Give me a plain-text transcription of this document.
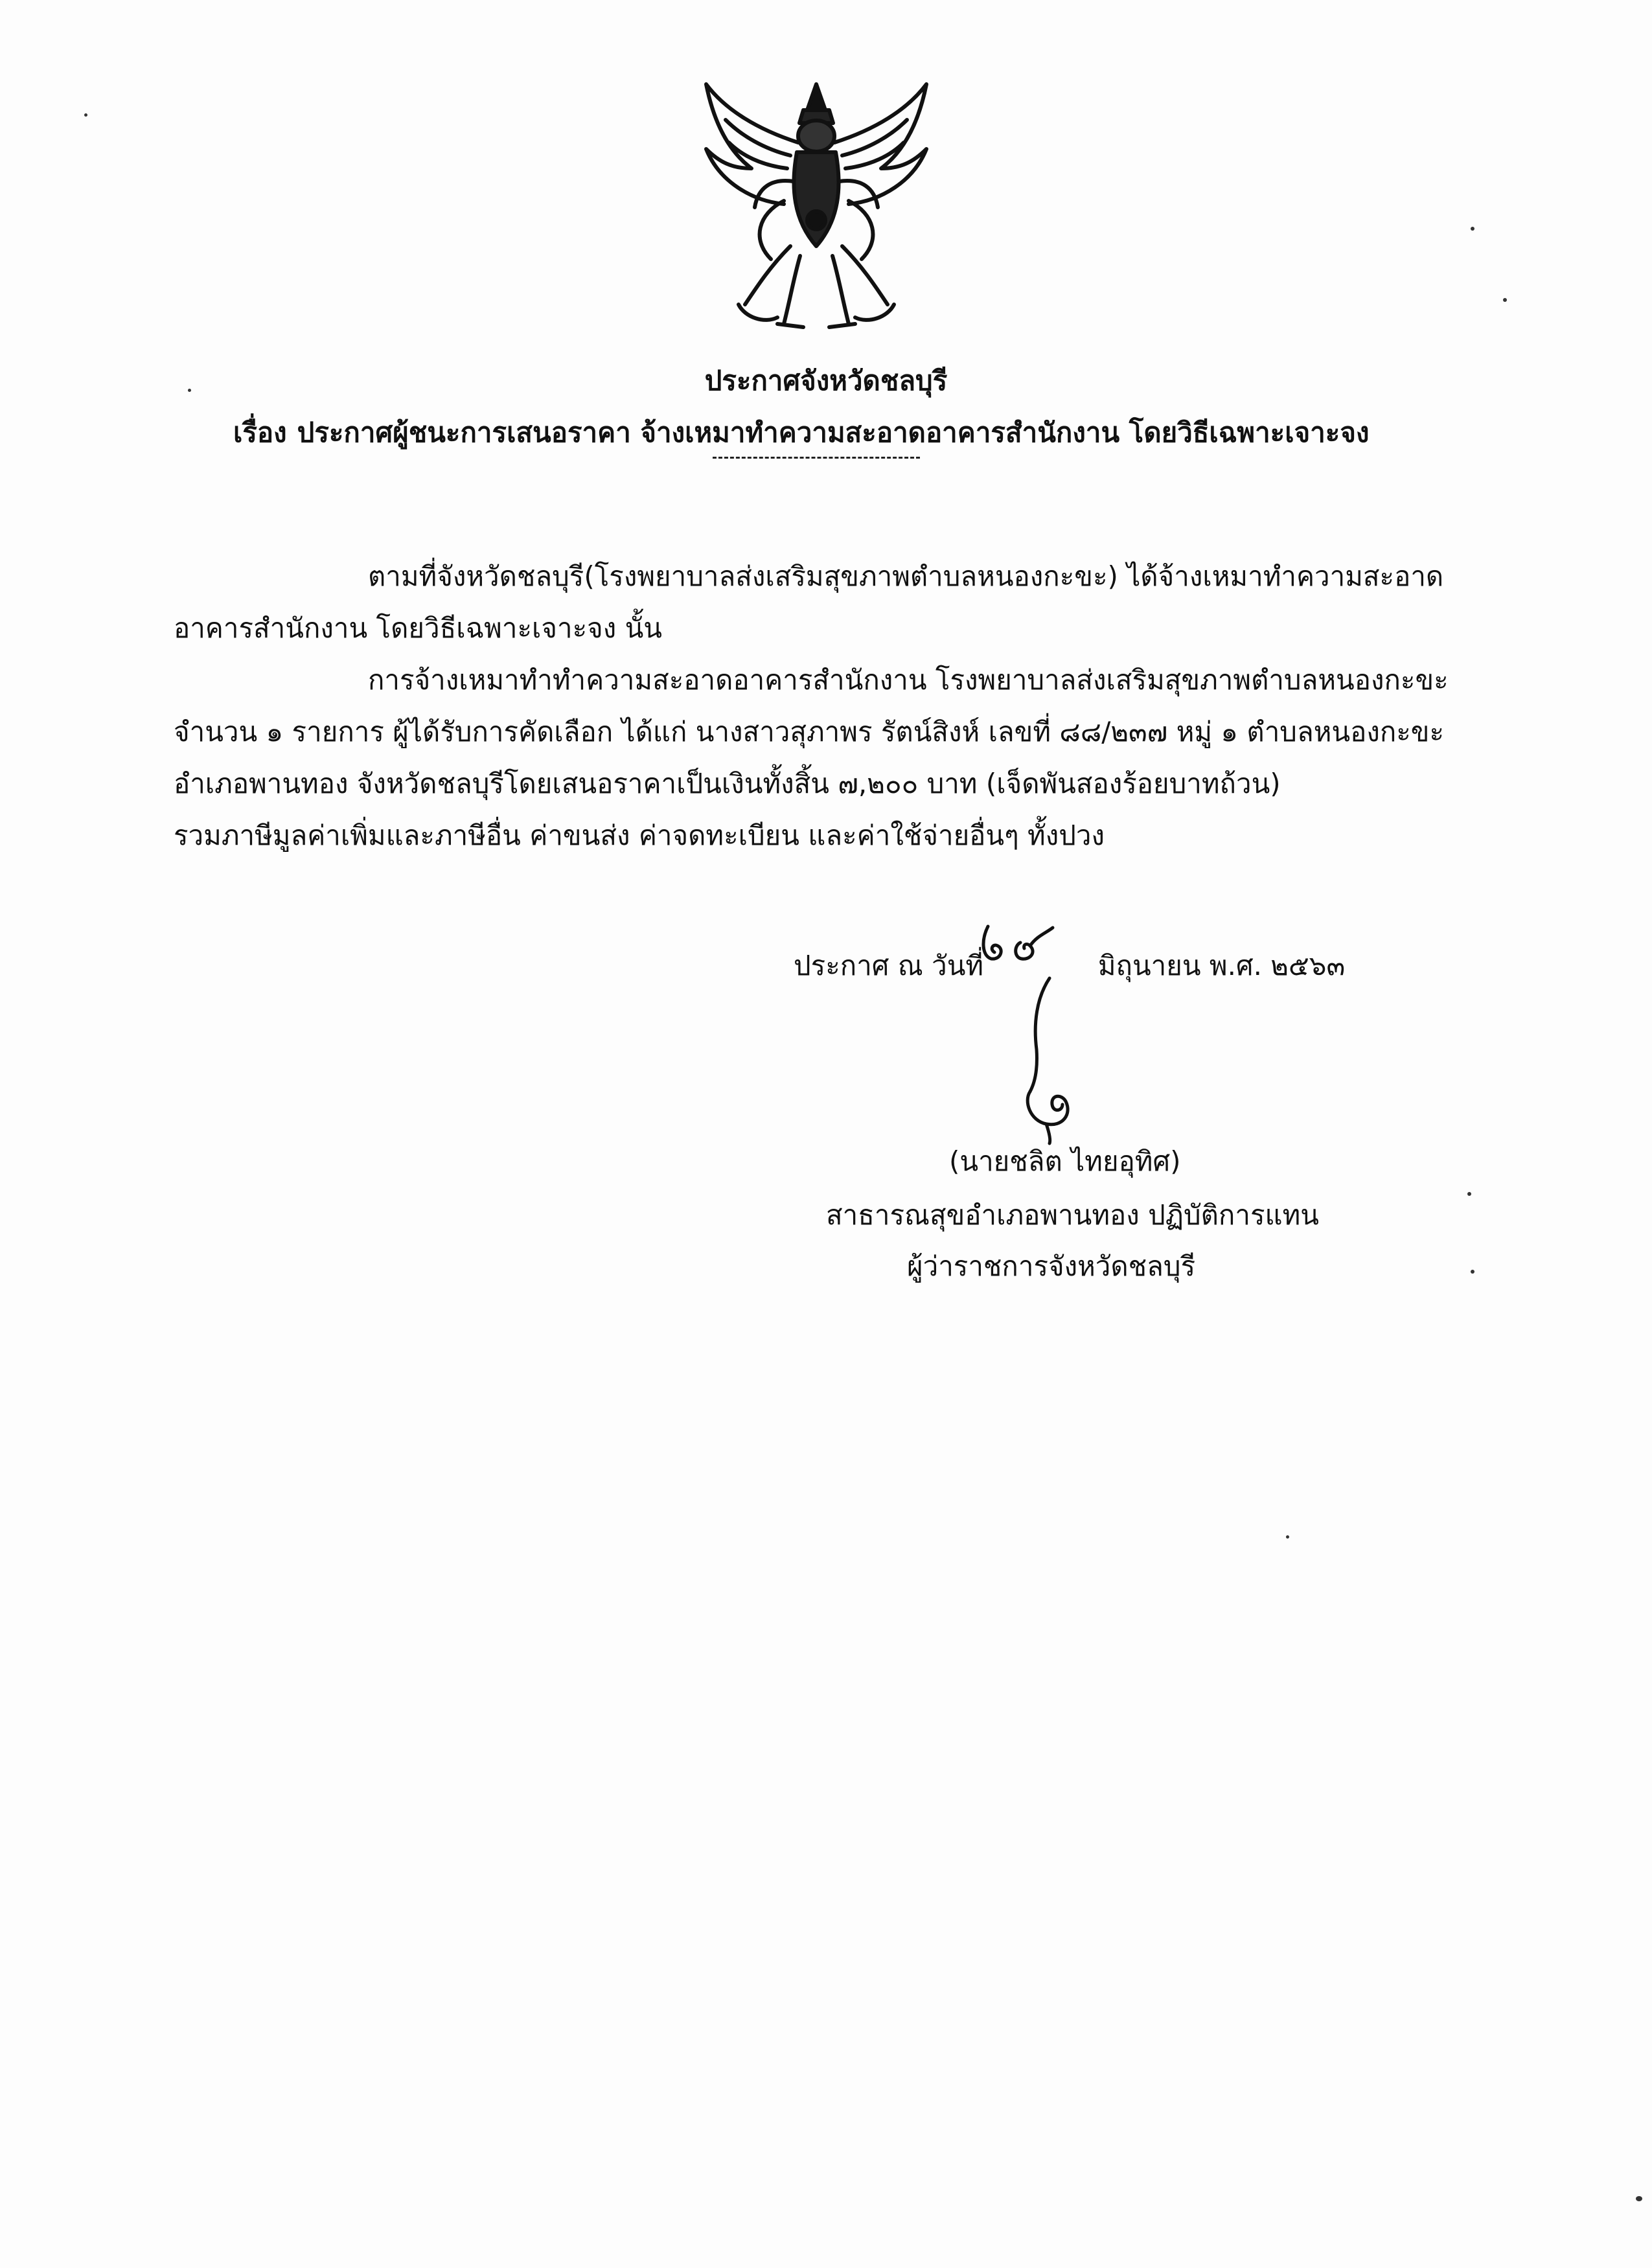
ประกาศจังหวัดชลบุรี
เรื่อง ประกาศผู้ชนะการเสนอราคา จ้างเหมาทำความสะอาดอาคารสำนักงาน โดยวิธีเฉพาะเจาะจง

ตามที่จังหวัดชลบุรี(โรงพยาบาลส่งเสริมสุขภาพตำบลหนองกะขะ) ได้จ้างเหมาทำความสะอาด

อาคารสำนักงาน โดยวิธีเฉพาะเจาะจง นั้น

การจ้างเหมาทำทำความสะอาดอาคารสำนักงาน โรงพยาบาลส่งเสริมสุขภาพตำบลหนองกะขะ

จำนวน ๑ รายการ ผู้ได้รับการคัดเลือก ได้แก่ นางสาวสุภาพร รัตน์สิงห์ เลขที่ ๘๘/๒๓๗ หมู่ ๑ ตำบลหนองกะขะ
อำเภอพานทอง จังหวัดชลบุรีโดยเสนอราคาเป็นเงินทั้งสิ้น ๗,๒๐๐ บาท (เจ็ดพันสองร้อยบาทถ้วน)
รวมภาษีมูลค่าเพิ่มและภาษีอื่น ค่าขนส่ง ค่าจดทะเบียน และค่าใช้จ่ายอื่นๆ ทั้งปวง
ประกาศ ณ วันที่	มิถุนายน พ.ศ. ๒๕๖๓
(นายชลิต ไทยอุทิศ)
สาธารณสุขอำเภอพานทอง ปฏิบัติการแทน
ผู้ว่าราชการจังหวัดชลบุรี
